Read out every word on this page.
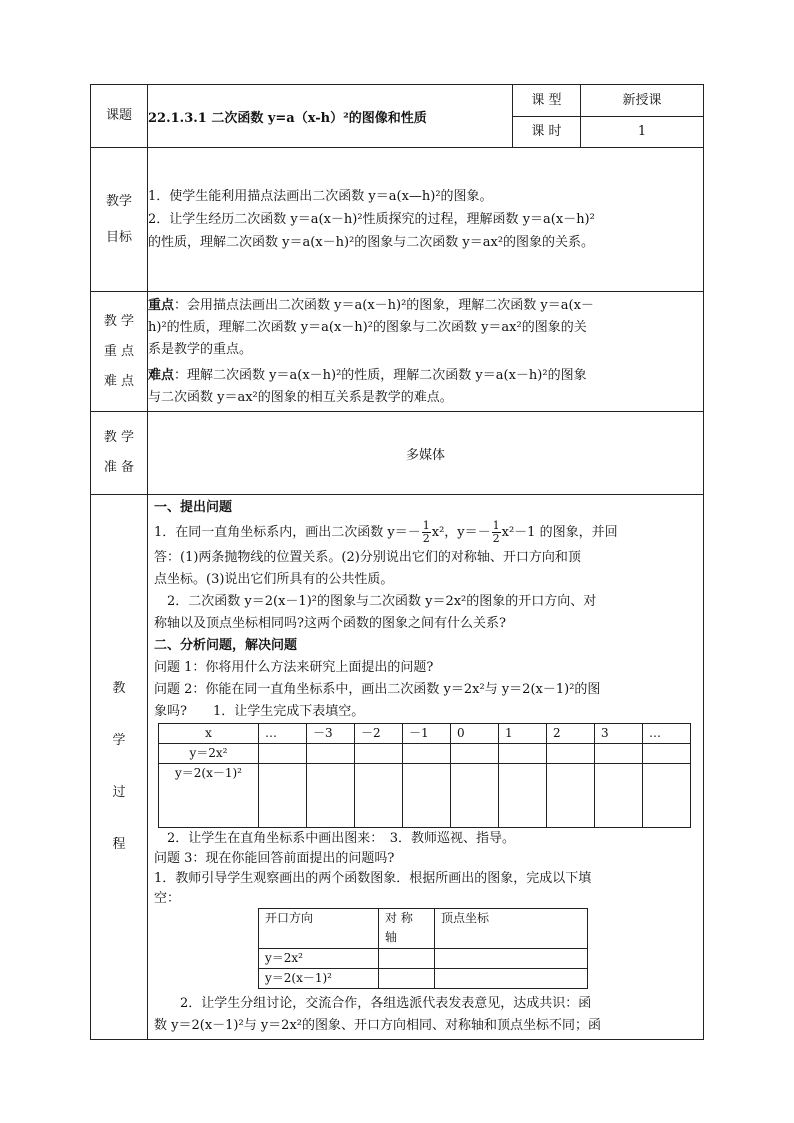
课题	22.1.3.1 二次函数 y=a（x-h）²的图像和性质	课 型	新授课
课 时	1

教学
目标

1．使学生能利用描点法画出二次函数 y＝a(x—h)²的图象。
2．让学生经历二次函数 y＝a(x－h)²性质探究的过程，理解函数 y＝a(x－h)²
的性质，理解二次函数 y＝a(x－h)²的图象与二次函数 y＝ax²的图象的关系。

教 学
重 点
难 点

重点：会用描点法画出二次函数 y＝a(x－h)²的图象，理解二次函数 y＝a(x－
h)²的性质，理解二次函数 y＝a(x－h)²的图象与二次函数 y＝ax²的图象的关
系是教学的重点。
难点：理解二次函数 y＝a(x－h)²的性质，理解二次函数 y＝a(x－h)²的图象
与二次函数 y＝ax²的图象的相互关系是教学的难点。

教 学
准 备
	多媒体

教
学
过
程

一、提出问题
1．在同一直角坐标系内，画出二次函数 $y=- \frac{1}{2} x^2$，$y=- \frac{1}{2} x^2-1$ 的图象，并回
答：(1)两条抛物线的位置关系。(2)分别说出它们的对称轴、开口方向和顶
点坐标。(3)说出它们所具有的公共性质。
　2．二次函数 y＝2(x－1)²的图象与二次函数 y＝2x²的图象的开口方向、对
称轴以及顶点坐标相同吗?这两个函数的图象之间有什么关系?
二、分析问题，解决问题
问题 1：你将用什么方法来研究上面提出的问题?
问题 2：你能在同一直角坐标系中，画出二次函数 y＝2x²与 y＝2(x－1)²的图
象吗?　　1．让学生完成下表填空。
x	…	－3	－2	－1	0	1	2	3	…
y＝2x²									
y＝2(x－1)²									
　2．让学生在直角坐标系中画出图来：　3．教师巡视、指导。
问题 3：现在你能回答前面提出的问题吗?
1．教师引导学生观察画出的两个函数图象．根据所画出的图象，完成以下填
空：
开口方向	对 称 轴	顶点坐标
y＝2x²		
y＝2(x－1)²		
　　2．让学生分组讨论，交流合作，各组选派代表发表意见，达成共识：函
数 y＝2(x－1)²与 y＝2x²的图象、开口方向相同、对称轴和顶点坐标不同；函
